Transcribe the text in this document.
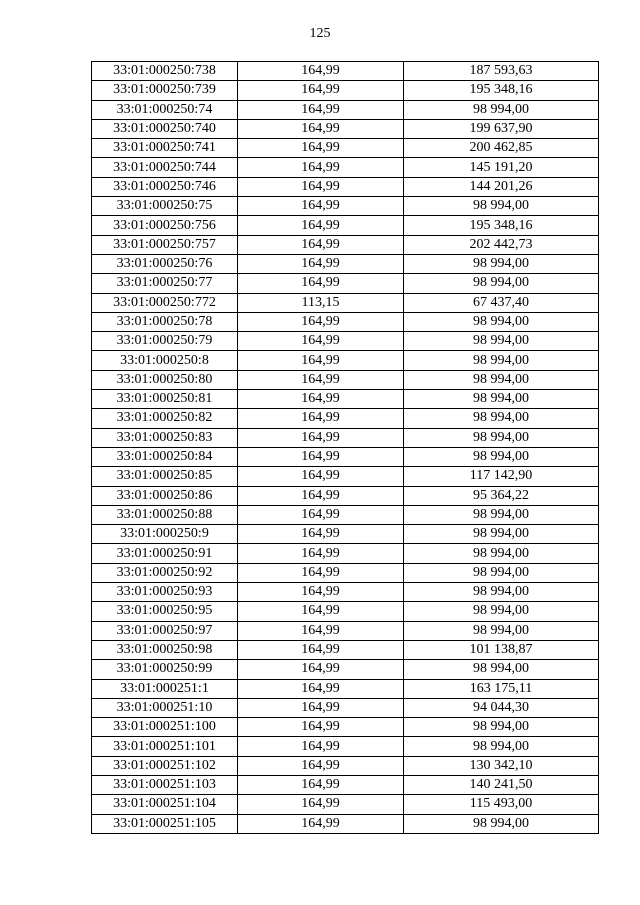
125
33:01:000250:738	164,99	187 593,63
33:01:000250:739	164,99	195 348,16
33:01:000250:74	164,99	98 994,00
33:01:000250:740	164,99	199 637,90
33:01:000250:741	164,99	200 462,85
33:01:000250:744	164,99	145 191,20
33:01:000250:746	164,99	144 201,26
33:01:000250:75	164,99	98 994,00
33:01:000250:756	164,99	195 348,16
33:01:000250:757	164,99	202 442,73
33:01:000250:76	164,99	98 994,00
33:01:000250:77	164,99	98 994,00
33:01:000250:772	113,15	67 437,40
33:01:000250:78	164,99	98 994,00
33:01:000250:79	164,99	98 994,00
33:01:000250:8	164,99	98 994,00
33:01:000250:80	164,99	98 994,00
33:01:000250:81	164,99	98 994,00
33:01:000250:82	164,99	98 994,00
33:01:000250:83	164,99	98 994,00
33:01:000250:84	164,99	98 994,00
33:01:000250:85	164,99	117 142,90
33:01:000250:86	164,99	95 364,22
33:01:000250:88	164,99	98 994,00
33:01:000250:9	164,99	98 994,00
33:01:000250:91	164,99	98 994,00
33:01:000250:92	164,99	98 994,00
33:01:000250:93	164,99	98 994,00
33:01:000250:95	164,99	98 994,00
33:01:000250:97	164,99	98 994,00
33:01:000250:98	164,99	101 138,87
33:01:000250:99	164,99	98 994,00
33:01:000251:1	164,99	163 175,11
33:01:000251:10	164,99	94 044,30
33:01:000251:100	164,99	98 994,00
33:01:000251:101	164,99	98 994,00
33:01:000251:102	164,99	130 342,10
33:01:000251:103	164,99	140 241,50
33:01:000251:104	164,99	115 493,00
33:01:000251:105	164,99	98 994,00
